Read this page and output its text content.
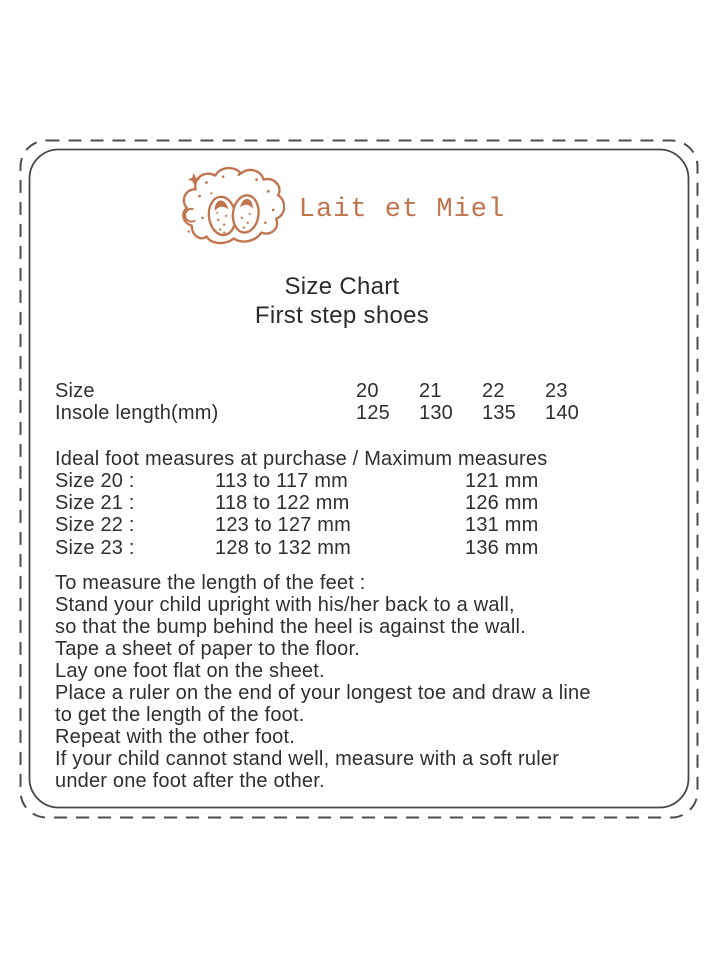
Lait et Miel
Size Chart
First step shoes
Size	20	21	22	23
Insole length(mm)	125	130	135	140
Ideal foot measures at purchase / Maximum measures
Size 20 :	113 to 117 mm	121 mm
Size 21 :	118 to 122 mm	126 mm
Size 22 :	123 to 127 mm	131 mm
Size 23 :	128 to 132 mm	136 mm
To measure the length of the feet :
Stand your child upright with his/her back to a wall,
so that the bump behind the heel is against the wall.
Tape a sheet of paper to the floor.
Lay one foot flat on the sheet.
Place a ruler on the end of your longest toe and draw a line
to get the length of the foot.
Repeat with the other foot.
If your child cannot stand well, measure with a soft ruler
under one foot after the other.
